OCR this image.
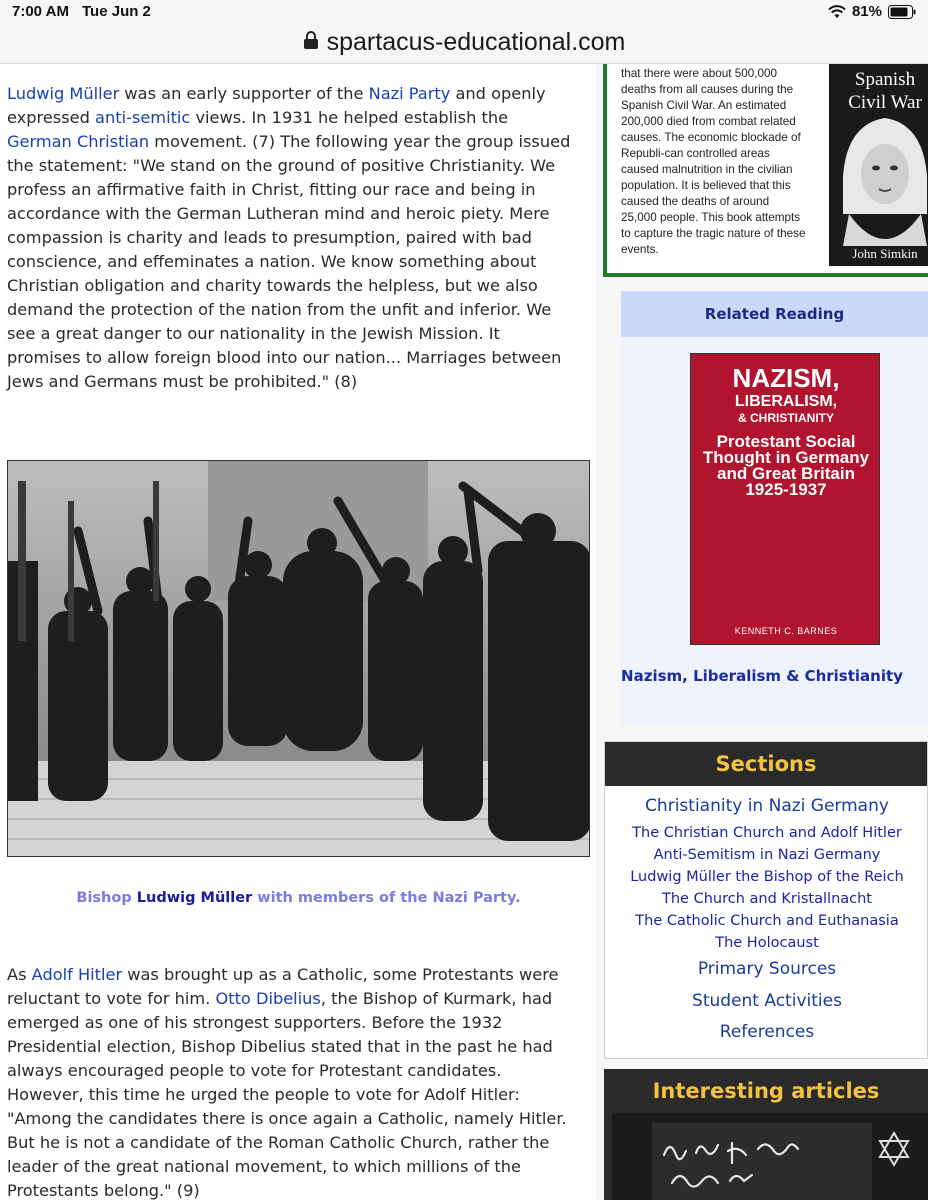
7:00 AM Tue Jun 2	81%
spartacus-educational.com

Ludwig Müller was an early supporter of the Nazi Party and openly expressed anti-semitic views. In 1931 he helped establish the German Christian movement. (7) The following year the group issued the statement: "We stand on the ground of positive Christianity. We profess an affirmative faith in Christ, fitting our race and being in accordance with the German Lutheran mind and heroic piety. Mere compassion is charity and leads to presumption, paired with bad conscience, and effeminates a nation. We know something about Christian obligation and charity towards the helpless, but we also demand the protection of the nation from the unfit and inferior. We see a great danger to our nationality in the Jewish Mission. It promises to allow foreign blood into our nation... Marriages between Jews and Germans must be prohibited." (8)

Bishop Ludwig Müller with members of the Nazi Party.

As Adolf Hitler was brought up as a Catholic, some Protestants were reluctant to vote for him. Otto Dibelius, the Bishop of Kurmark, had emerged as one of his strongest supporters. Before the 1932 Presidential election, Bishop Dibelius stated that in the past he had always encouraged people to vote for Protestant candidates. However, this time he urged the people to vote for Adolf Hitler: "Among the candidates there is once again a Catholic, namely Hitler. But he is not a candidate of the Roman Catholic Church, rather the leader of the great national movement, to which millions of the Protestants belong." (9)

that there were about 500,000 deaths from all causes during the Spanish Civil War. An estimated 200,000 died from combat related causes. The economic blockade of Republi-can controlled areas caused malnutrition in the civilian population. It is believed that this caused the deaths of around 25,000 people. This book attempts to capture the tragic nature of these events.
Spanish
Civil War
John Simkin
Related Reading
NAZISM,
LIBERALISM,
& CHRISTIANITY
Protestant Social Thought in Germany and Great Britain 1925-1937
KENNETH C. BARNES
Nazism, Liberalism & Christianity
Sections
Christianity in Nazi Germany
The Christian Church and Adolf Hitler
Anti-Semitism in Nazi Germany
Ludwig Müller the Bishop of the Reich
The Church and Kristallnacht
The Catholic Church and Euthanasia
The Holocaust
Primary Sources
Student Activities
References
Interesting articles
